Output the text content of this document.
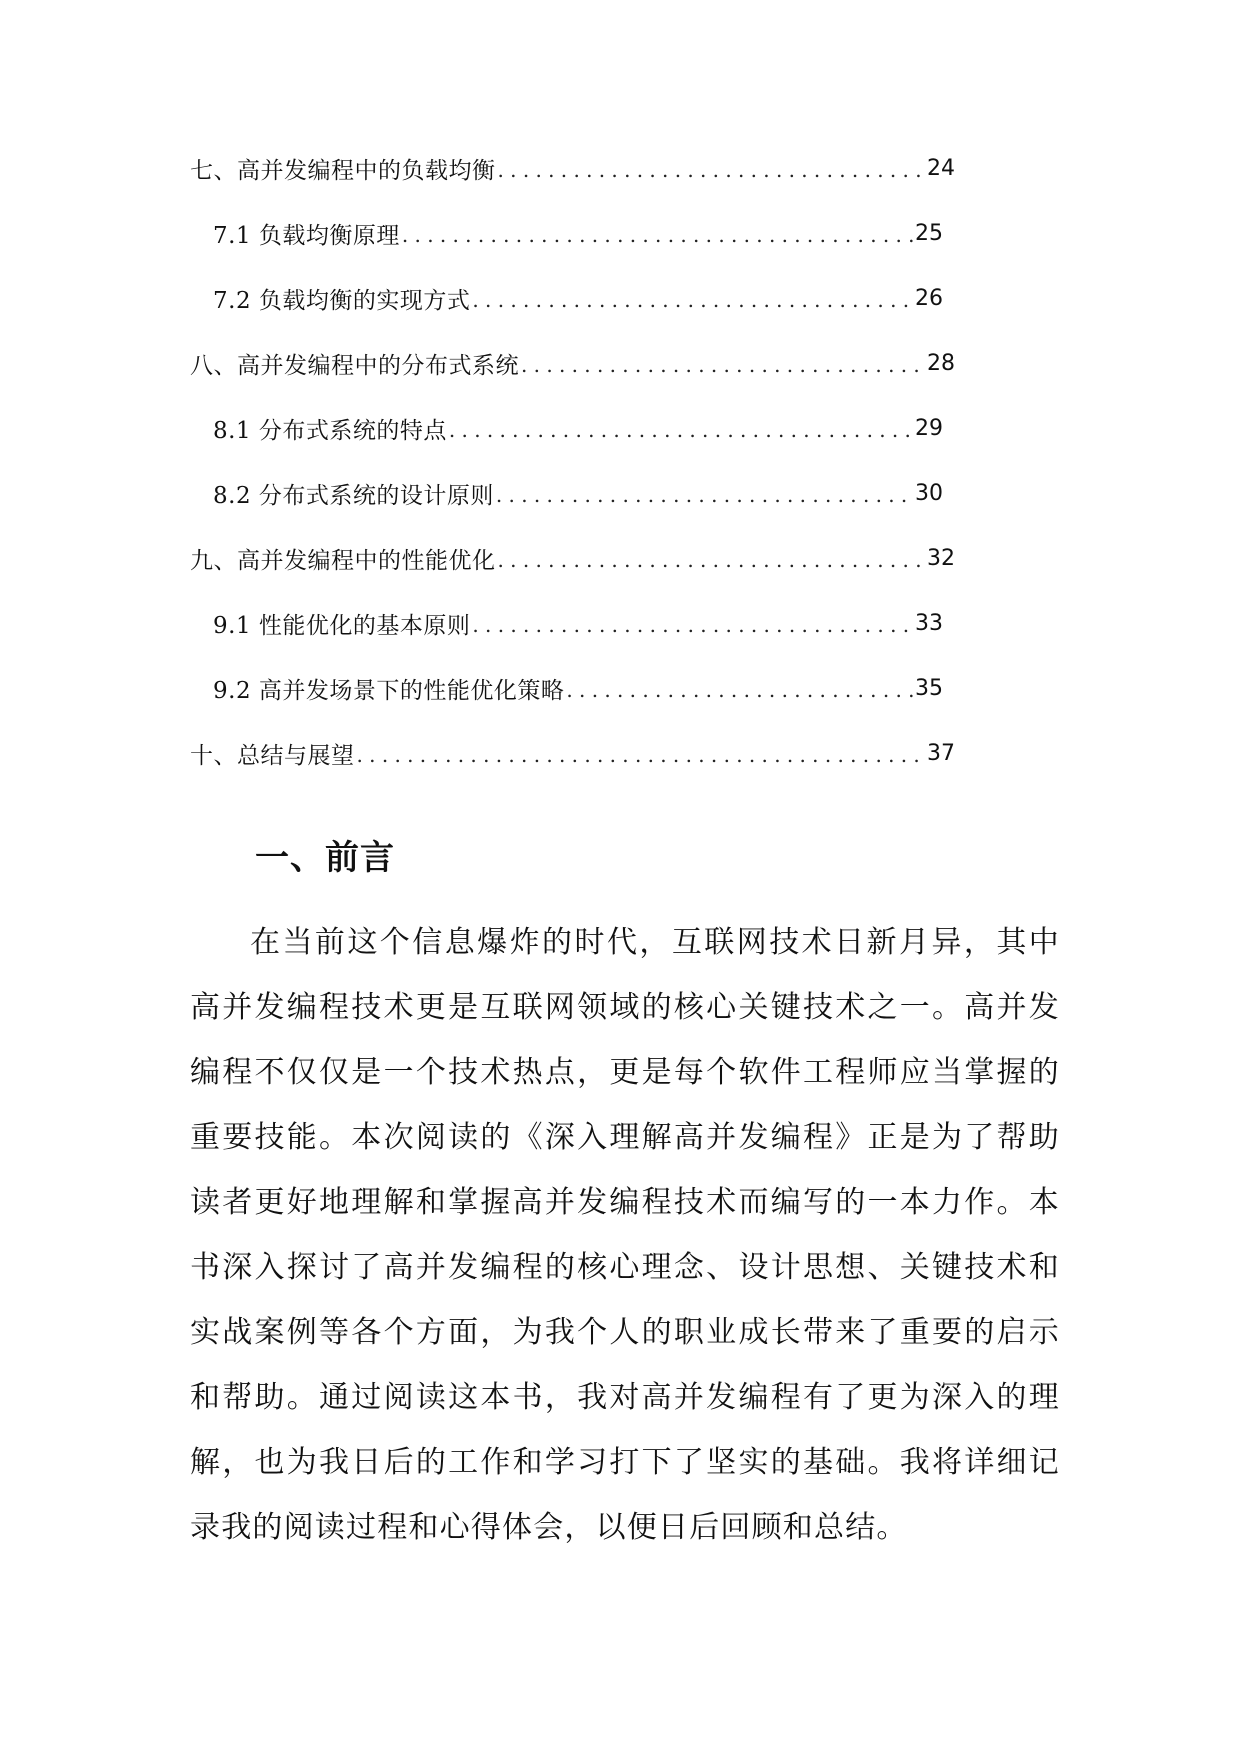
七、高并发编程中的负载均衡 .....	24
7.1 负载均衡原理 .....	25
7.2 负载均衡的实现方式 .....	26
八、高并发编程中的分布式系统 .....	28
8.1 分布式系统的特点 .....	29
8.2 分布式系统的设计原则 .....	30
九、高并发编程中的性能优化 .....	32
9.1 性能优化的基本原则 .....	33
9.2 高并发场景下的性能优化策略 .....	35
十、总结与展望 .....	37
一、前言

在当前这个信息爆炸的时代，互联网技术日新月异，其中高并发编程技术更是互联网领域的核心关键技术之一。高并发编程不仅仅是一个技术热点，更是每个软件工程师应当掌握的重要技能。本次阅读的《深入理解高并发编程》正是为了帮助读者更好地理解和掌握高并发编程技术而编写的一本力作。本书深入探讨了高并发编程的核心理念、设计思想、关键技术和实战案例等各个方面，为我个人的职业成长带来了重要的启示和帮助。通过阅读这本书，我对高并发编程有了更为深入的理解，也为我日后的工作和学习打下了坚实的基础。我将详细记录我的阅读过程和心得体会，以便日后回顾和总结。
